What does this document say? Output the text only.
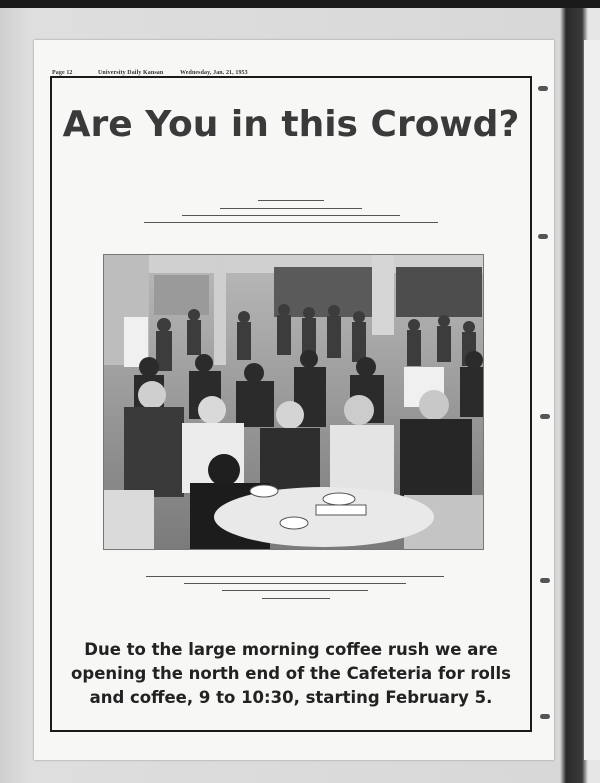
Page 12	University Daily Kansan	Wednesday, Jan. 21, 1953
Are You in this Crowd?
Due to the large morning coffee rush we are
opening the north end of the Cafeteria for rolls
and coffee, 9 to 10:30, starting February 5.
